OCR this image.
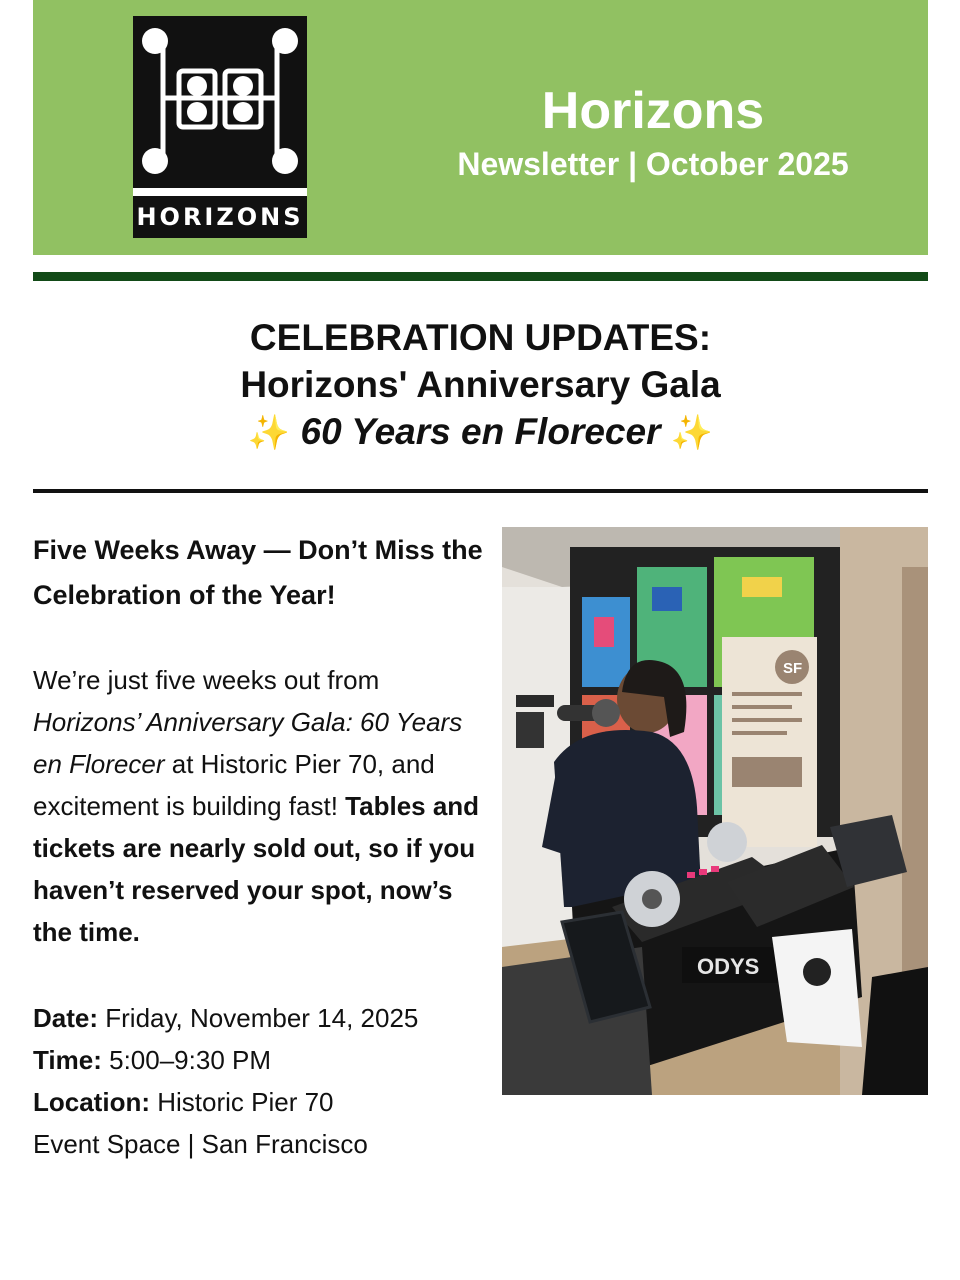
HORIZONS
Horizons
Newsletter | October 2025
CELEBRATION UPDATES:
Horizons' Anniversary Gala
✨ 60 Years en Florecer ✨

Five Weeks Away — Don’t Miss the Celebration of the Year!

We’re just five weeks out from Horizons’ Anniversary Gala: 60 Years en Florecer at Historic Pier 70, and excitement is building fast! Tables and tickets are nearly sold out, so if you haven’t reserved your spot, now’s the time.

Date: Friday, November 14, 2025
Time: 5:00–9:30 PM
Location: Historic Pier 70
Event Space | San Francisco
SF
ODYS
